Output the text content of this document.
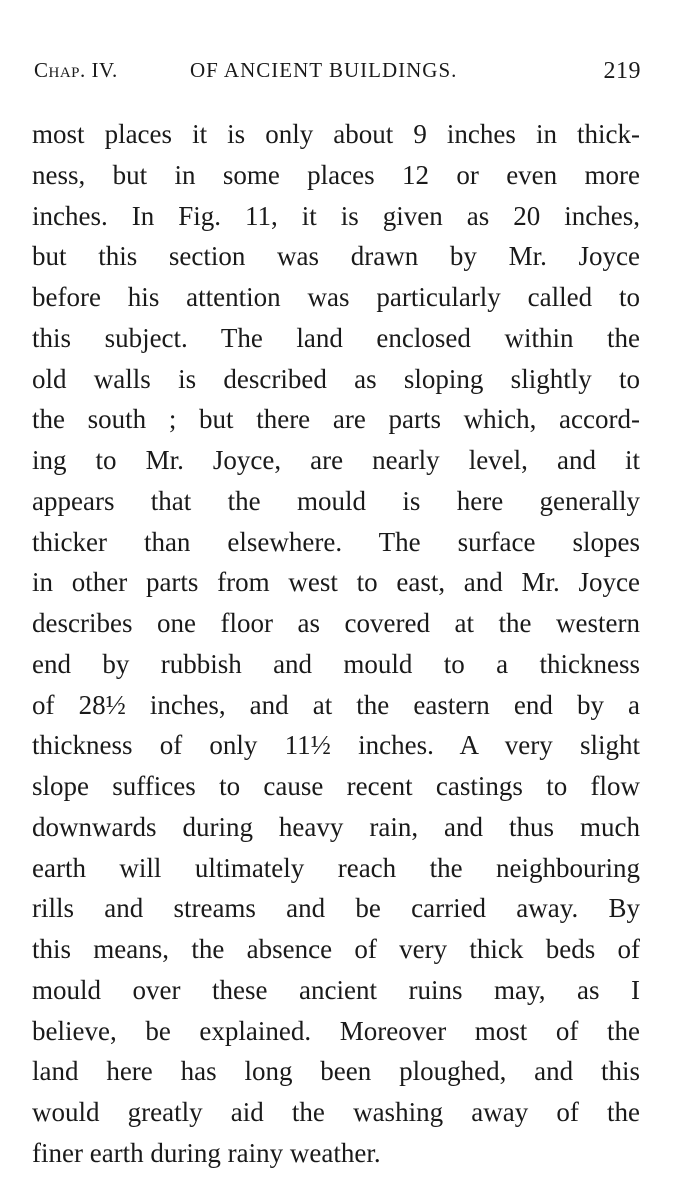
Chap. IV.	OF ANCIENT BUILDINGS.	219
most places it is only about 9 inches in thick-
ness, but in some places 12 or even more
inches. In Fig. 11, it is given as 20 inches,
but this section was drawn by Mr. Joyce
before his attention was particularly called to
this subject. The land enclosed within the
old walls is described as sloping slightly to
the south ; but there are parts which, accord-
ing to Mr. Joyce, are nearly level, and it
appears that the mould is here generally
thicker than elsewhere. The surface slopes
in other parts from west to east, and Mr. Joyce
describes one floor as covered at the western
end by rubbish and mould to a thickness
of 28½ inches, and at the eastern end by a
thickness of only 11½ inches. A very slight
slope suffices to cause recent castings to flow
downwards during heavy rain, and thus much
earth will ultimately reach the neighbouring
rills and streams and be carried away. By
this means, the absence of very thick beds of
mould over these ancient ruins may, as I
believe, be explained. Moreover most of the
land here has long been ploughed, and this
would greatly aid the washing away of the
finer earth during rainy weather.
